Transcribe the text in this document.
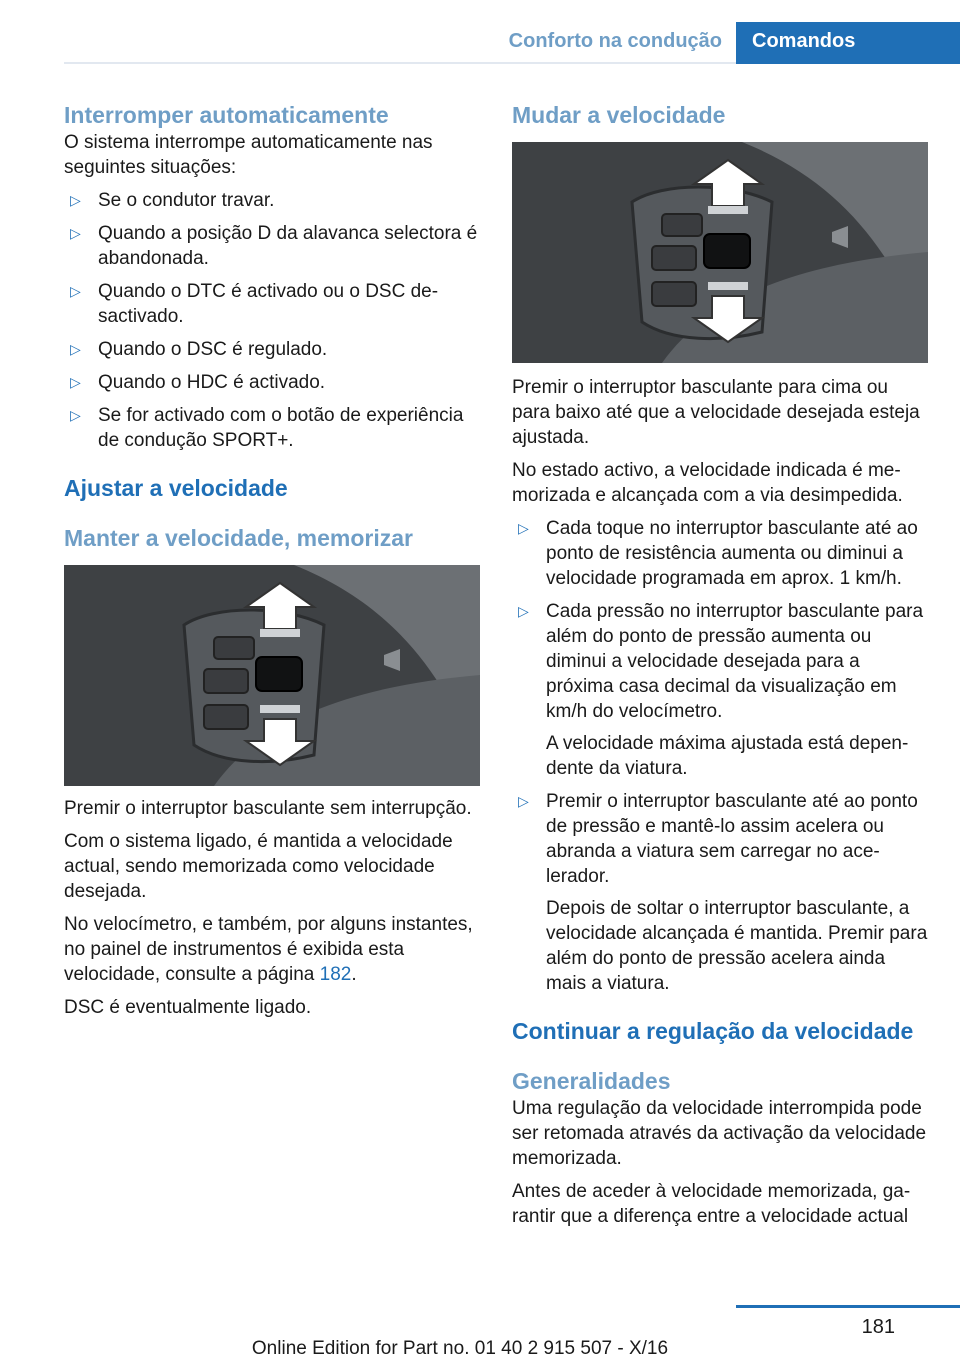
Conforto na condução	Comandos
Interromper automaticamente

O sistema interrompe automaticamente nas seguintes situações:

▷ Se o condutor travar.
▷ Quando a posição D da alavanca selectora é abandonada.
▷ Quando o DTC é activado ou o DSC desactivado.
▷ Quando o DSC é regulado.
▷ Quando o HDC é activado.
▷ Se for activado com o botão de experiência de condução SPORT+.
Ajustar a velocidade
Manter a velocidade, memorizar

Premir o interruptor basculante sem interrupção.

Com o sistema ligado, é mantida a velocidade actual, sendo memorizada como velocidade desejada.

No velocímetro, e também, por alguns instantes, no painel de instrumentos é exibida esta velocidade, consulte a página 182.

DSC é eventualmente ligado.

Mudar a velocidade

Premir o interruptor basculante para cima ou para baixo até que a velocidade desejada esteja ajustada.

No estado activo, a velocidade indicada é memorizada e alcançada com a via desimpedida.

▷ Cada toque no interruptor basculante até ao ponto de resistência aumenta ou diminui a velocidade programada em aprox. 1 km/h.
▷ Cada pressão no interruptor basculante para além do ponto de pressão aumenta ou diminui a velocidade desejada para a próxima casa decimal da visualização em km/h do velocímetro.

A velocidade máxima ajustada está dependente da viatura.

▷ Premir o interruptor basculante até ao ponto de pressão e mantê-lo assim acelera ou abranda a viatura sem carregar no acelerador.

Depois de soltar o interruptor basculante, a velocidade alcançada é mantida. Premir para além do ponto de pressão acelera ainda mais a viatura.

Continuar a regulação da velocidade
Generalidades

Uma regulação da velocidade interrompida pode ser retomada através da activação da velocidade memorizada.

Antes de aceder à velocidade memorizada, garantir que a diferença entre a velocidade actual

181
Online Edition for Part no. 01 40 2 915 507 - X/16
